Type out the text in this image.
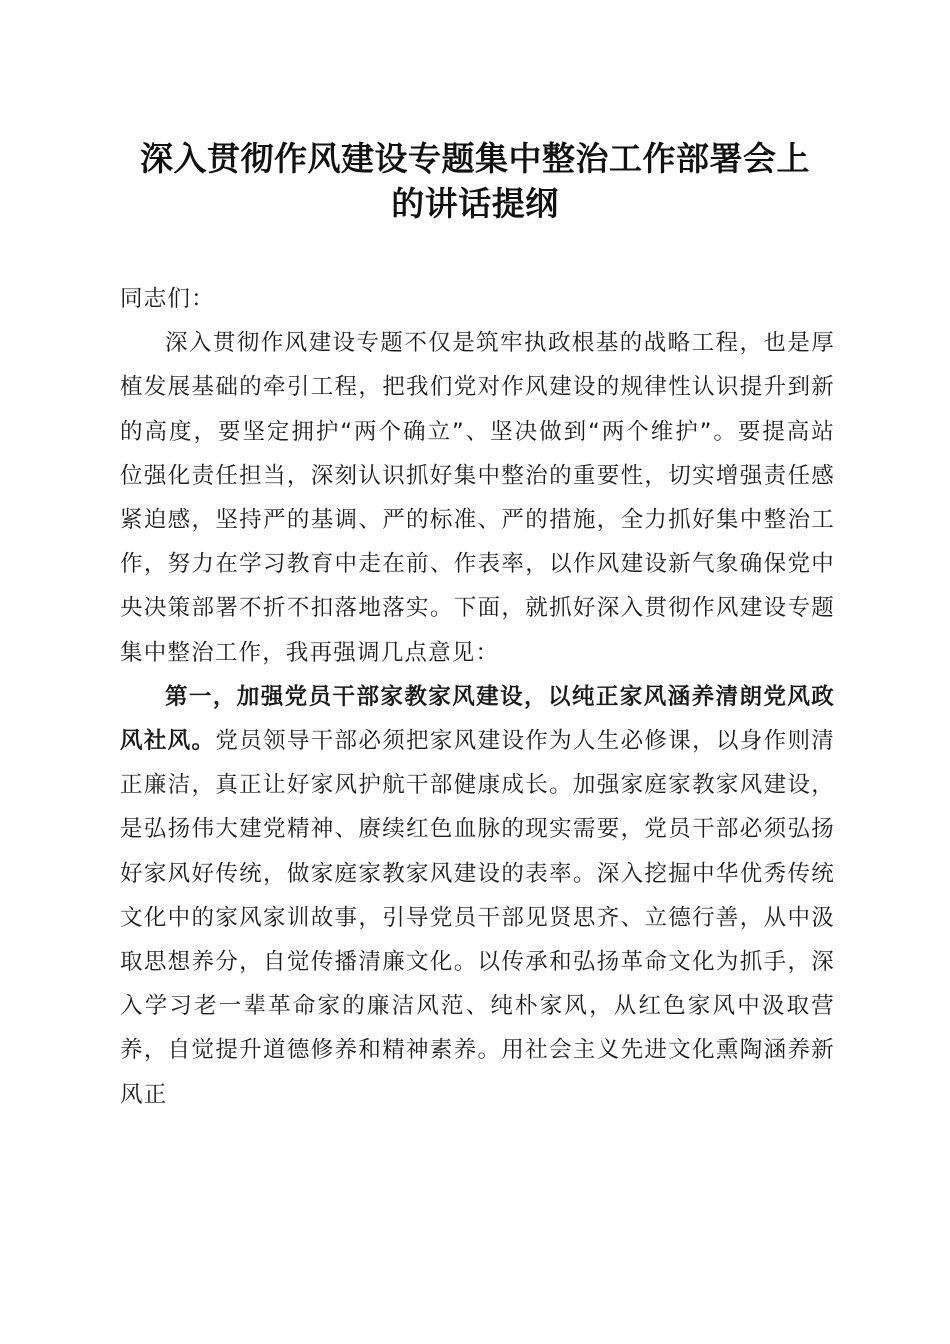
深入贯彻作风建设专题集中整治工作部署会上
的讲话提纲

同志们：

深入贯彻作风建设专题不仅是筑牢执政根基的战略工程，也是厚植发展基础的牵引工程，把我们党对作风建设的规律性认识提升到新的高度，要坚定拥护“两个确立”、坚决做到“两个维护”。要提高站位强化责任担当，深刻认识抓好集中整治的重要性，切实增强责任感紧迫感，坚持严的基调、严的标准、严的措施，全力抓好集中整治工作，努力在学习教育中走在前、作表率，以作风建设新气象确保党中央决策部署不折不扣落地落实。下面，就抓好深入贯彻作风建设专题集中整治工作，我再强调几点意见：

第一，加强党员干部家教家风建设，以纯正家风涵养清朗党风政风社风。党员领导干部必须把家风建设作为人生必修课，以身作则清正廉洁，真正让好家风护航干部健康成长。加强家庭家教家风建设，是弘扬伟大建党精神、赓续红色血脉的现实需要，党员干部必须弘扬好家风好传统，做家庭家教家风建设的表率。深入挖掘中华优秀传统文化中的家风家训故事，引导党员干部见贤思齐、立德行善，从中汲取思想养分，自觉传播清廉文化。以传承和弘扬革命文化为抓手，深入学习老一辈革命家的廉洁风范、纯朴家风，从红色家风中汲取营养，自觉提升道德修养和精神素养。用社会主义先进文化熏陶涵养新风正
